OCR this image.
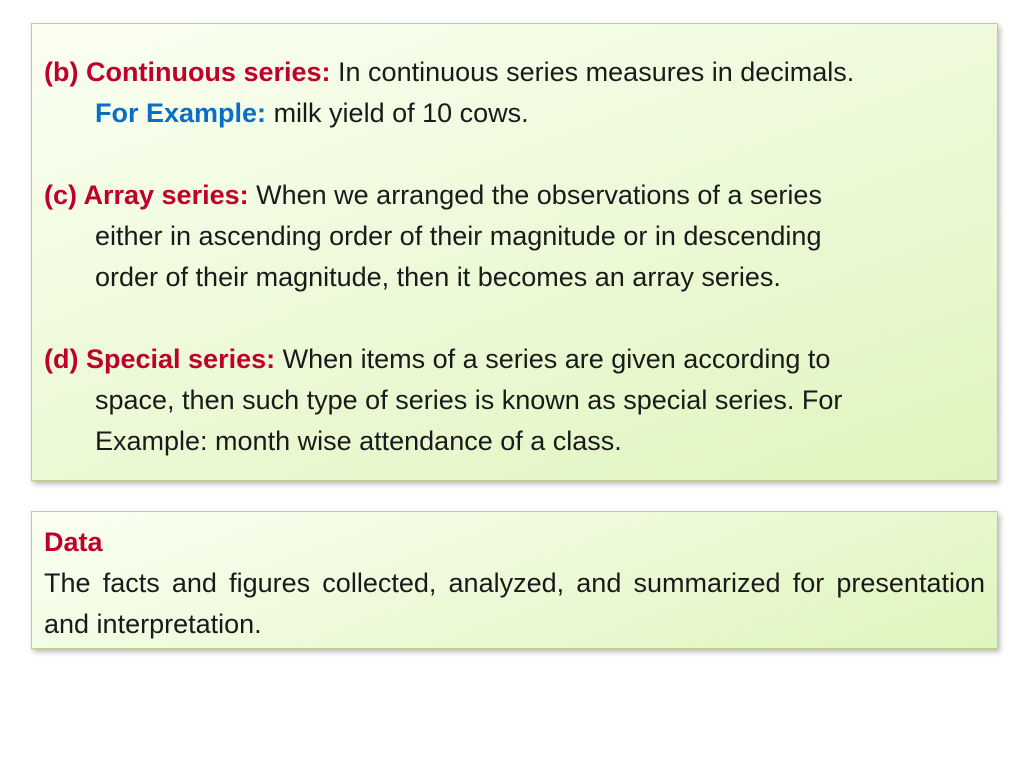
(b) Continuous series: In continuous series measures in decimals.
For Example: milk yield of 10 cows.

(c) Array series: When we arranged the observations of a series
either in ascending order of their magnitude or in descending
order of their magnitude, then it becomes an array series.

(d) Special series: When items of a series are given according to
space, then such type of series is known as special series. For
Example: month wise attendance of a class.

Data

The facts and figures collected, analyzed, and summarized for presentation and interpretation.
